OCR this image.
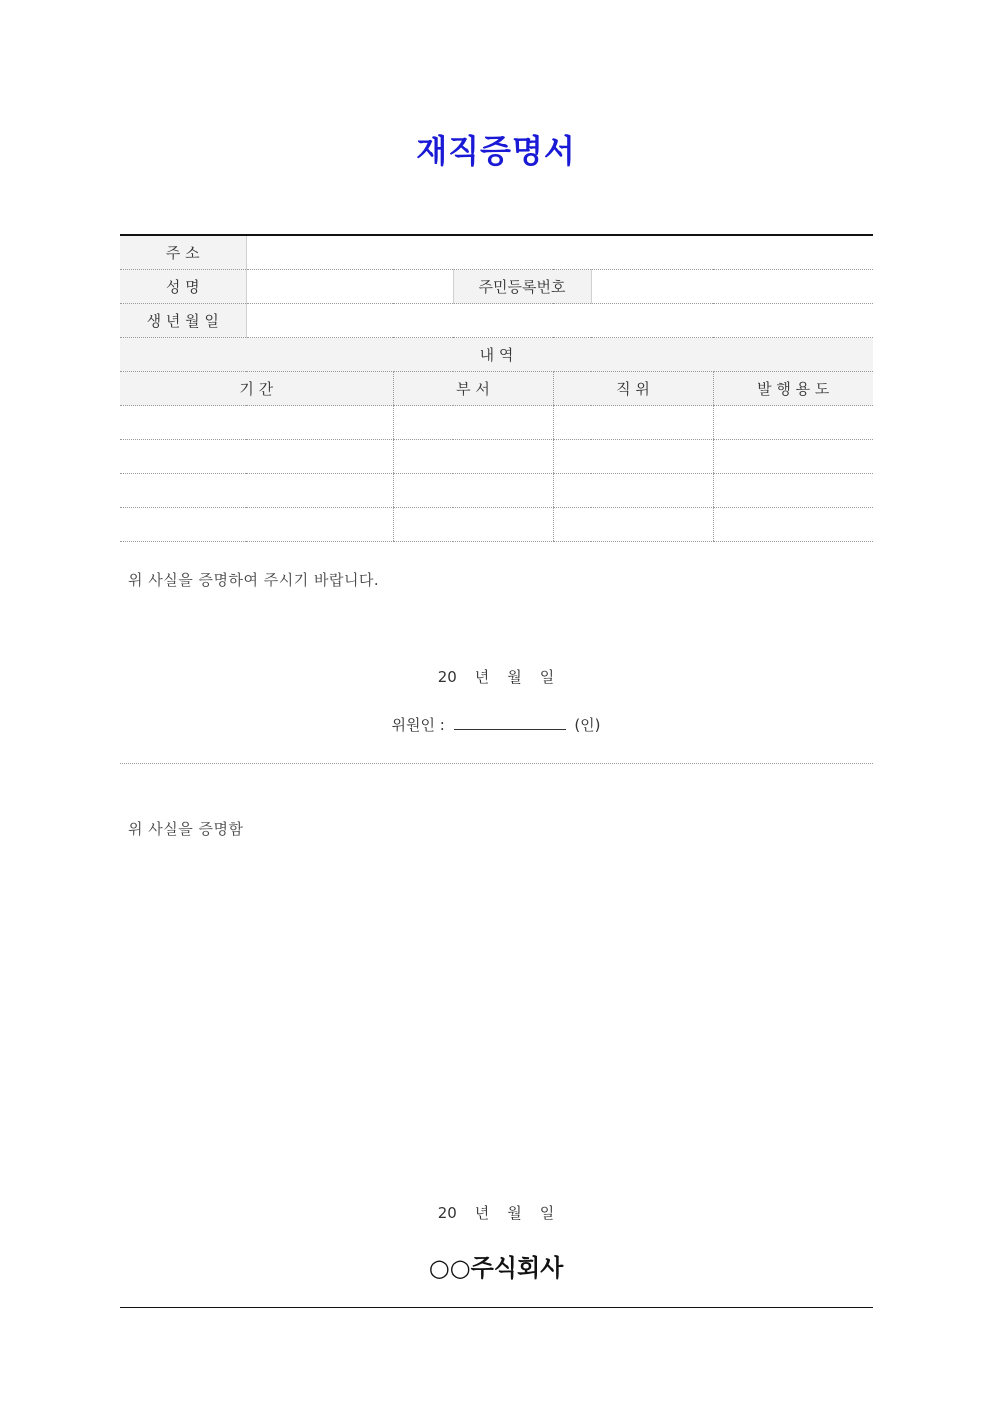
재직증명서
주 소						
성 명			주민등록번호			
생 년 월 일						
내 역						
기 간		부 서		직 위		발 행 용 도

위 사실을 증명하여 주시기 바랍니다.
20 년 월 일
위원인 :	(인)
위 사실을 증명함
20 년 월 일
○○주식회사
